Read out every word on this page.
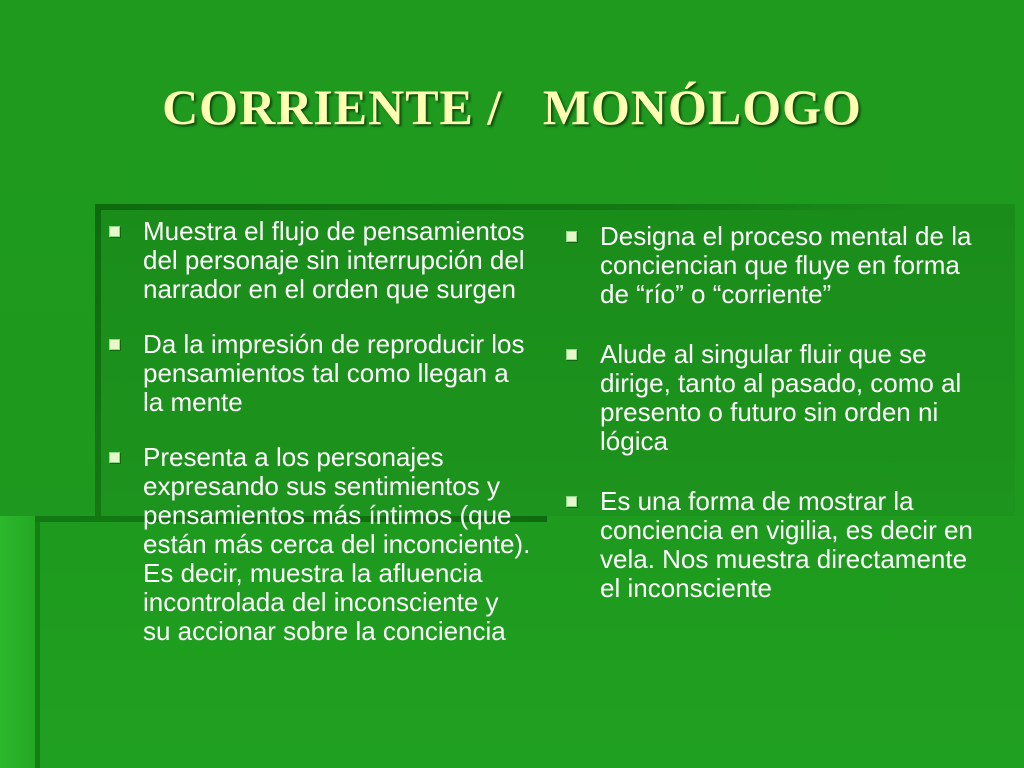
CORRIENTE / MONÓLOGO
Muestra el flujo de pensamientos del personaje sin interrupción del narrador en el orden que surgen
Da la impresión de reproducir los pensamientos tal como llegan a la mente
Presenta a los personajes expresando sus sentimientos y pensamientos más íntimos (que están más cerca del inconciente). Es decir, muestra la afluencia incontrolada del inconsciente y su accionar sobre la conciencia
Designa el proceso mental de la conciencian que fluye en forma de “río” o “corriente”
Alude al singular fluir que se dirige, tanto al pasado, como al presento o futuro sin orden ni lógica
Es una forma de mostrar la conciencia en vigilia, es decir en vela. Nos muestra directamente el inconsciente
